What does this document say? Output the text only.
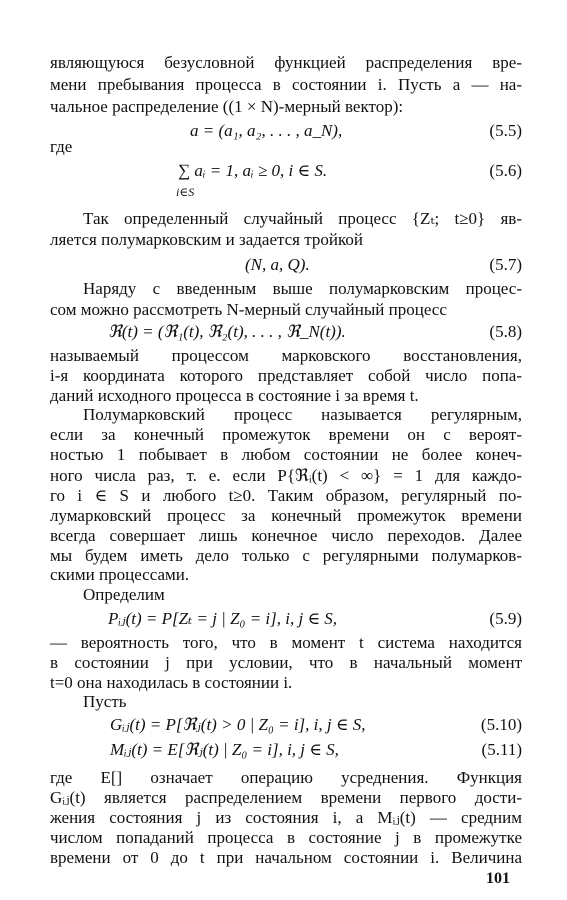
являющуюся безусловной функцией распределения вре-
мени пребывания процесса в состоянии i. Пусть a — на-
чальное распределение ((1 × N)-мерный вектор):
a = (a₁, a₂, . . . , a_N),	(5.5)
где
∑ aᵢ = 1, aᵢ ≥ 0, i ∈ S.
i∈S
(5.6)
Так определенный случайный процесс {Zₜ; t≥0} яв-
ляется полумарковским и задается тройкой
(N, a, Q).	(5.7)
Наряду с введенным выше полумарковским процес-
сом можно рассмотреть N-мерный случайный процесс
ℜ(t) = (ℜ₁(t), ℜ₂(t), . . . , ℜ_N(t)).	(5.8)
называемый процессом марковского восстановления,
i-я координата которого представляет собой число попа-
даний исходного процесса в состояние i за время t.
Полумарковский процесс называется регулярным,
если за конечный промежуток времени он с вероят-
ностью 1 побывает в любом состоянии не более конеч-
ного числа раз, т. е. если P{ℜᵢ(t) < ∞} = 1 для каждо-
го i ∈ S и любого t≥0. Таким образом, регулярный по-
лумарковский процесс за конечный промежуток времени
всегда совершает лишь конечное число переходов. Далее
мы будем иметь дело только с регулярными полумарков-
скими процессами.
Определим
Pᵢⱼ(t) = P[Zₜ = j | Z₀ = i], i, j ∈ S,	(5.9)
— вероятность того, что в момент t система находится
в состоянии j при условии, что в начальный момент
t=0 она находилась в состоянии i.
Пусть
Gᵢⱼ(t) = P[ℜⱼ(t) > 0 | Z₀ = i], i, j ∈ S,	(5.10)
Mᵢⱼ(t) = E[ℜⱼ(t) | Z₀ = i], i, j ∈ S,	(5.11)
где E[] означает операцию усреднения. Функция
Gᵢⱼ(t) является распределением времени первого дости-
жения состояния j из состояния i, а Mᵢⱼ(t) — средним
числом попаданий процесса в состояние j в промежутке
времени от 0 до t при начальном состоянии i. Величина
101
